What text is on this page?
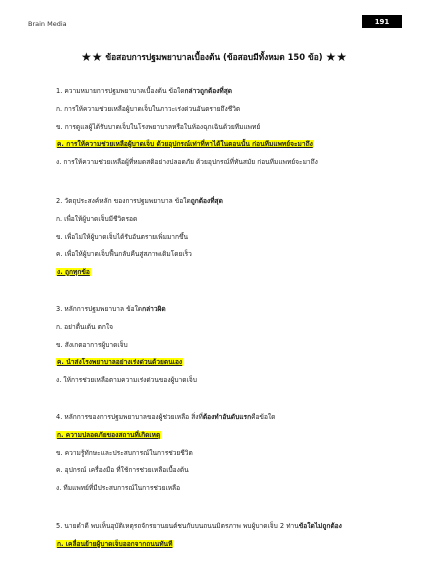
Brain Media	191
★★ ข้อสอบการปฐมพยาบาลเบื้องต้น (ข้อสอบมีทั้งหมด 150 ข้อ) ★★
1. ความหมายการปฐมพยาบาลเบื้องต้น ข้อใดกล่าวถูกต้องที่สุด
ก. การให้ความช่วยเหลือผู้บาดเจ็บในภาวะเร่งด่วนอันตรายถึงชีวิต
ข. การดูแลผู้ได้รับบาดเจ็บในโรงพยาบาลหรือในห้องฉุกเฉินด้วยทีมแพทย์
ค. การให้ความช่วยเหลือผู้บาดเจ็บ ด้วยอุปกรณ์เท่าที่หาได้ในตอนนั้น ก่อนทีมแพทย์จะมาถึง
ง. การให้ความช่วยเหลือผู้ที่หมดสติอย่างปลอดภัย ด้วยอุปกรณ์ที่ทันสมัย ก่อนทีมแพทย์จะมาถึง
2. วัตถุประสงค์หลัก ของการปฐมพยาบาล ข้อใดถูกต้องที่สุด
ก. เพื่อให้ผู้บาดเจ็บมีชีวิตรอด
ข. เพื่อไม่ให้ผู้บาดเจ็บได้รับอันตรายเพิ่มมากขึ้น
ค. เพื่อให้ผู้บาดเจ็บฟื้นกลับคืนสู่สภาพเดิมโดยเร็ว
ง. ถูกทุกข้อ
3. หลักการปฐมพยาบาล ข้อใดกล่าวผิด
ก. อย่าตื่นเต้น ตกใจ
ข. สังเกตอาการผู้บาดเจ็บ
ค. นำส่งโรงพยาบาลอย่างเร่งด่วนด้วยตนเอง
ง. ให้การช่วยเหลือตามความเร่งด่วนของผู้บาดเจ็บ
4. หลักการของการปฐมพยาบาลของผู้ช่วยเหลือ สิ่งที่ต้องทำอันดับแรกคือข้อใด
ก. ความปลอดภัยของสถานที่เกิดเหตุ
ข. ความรู้ทักษะและประสบการณ์ในการช่วยชีวิต
ค. อุปกรณ์ เครื่องมือ ที่ใช้การช่วยเหลือเบื้องต้น
ง. ทีมแพทย์ที่มีประสบการณ์ในการช่วยเหลือ
5. นายดำดี พบเห็นอุบัติเหตุรถจักรยานยนต์ชนกับบนถนนมิตรภาพ พบผู้บาดเจ็บ 2 ท่านข้อใดไม่ถูกต้อง
ก. เคลื่อนย้ายผู้บาดเจ็บออกจากถนนทันที
